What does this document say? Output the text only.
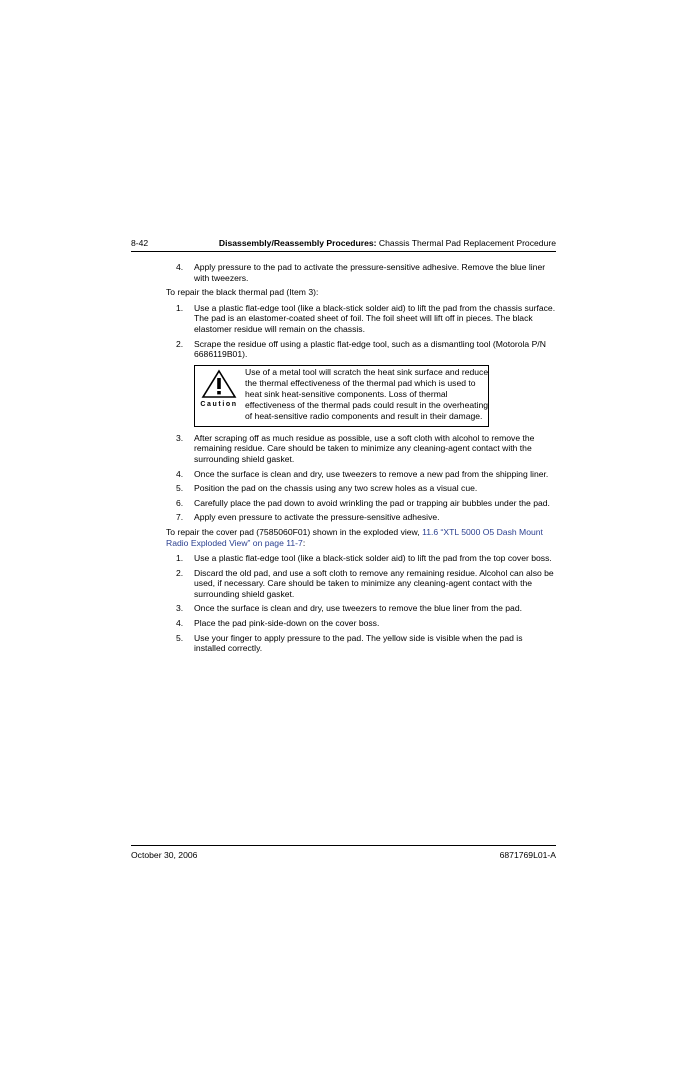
8-42	Disassembly/Reassembly Procedures: Chassis Thermal Pad Replacement Procedure
4. Apply pressure to the pad to activate the pressure-sensitive adhesive. Remove the blue liner with tweezers.

To repair the black thermal pad (Item 3):

1. Use a plastic flat-edge tool (like a black-stick solder aid) to lift the pad from the chassis surface. The pad is an elastomer-coated sheet of foil. The foil sheet will lift off in pieces. The black elastomer residue will remain on the chassis.
2. Scrape the residue off using a plastic flat-edge tool, such as a dismantling tool (Motorola P/N 6686119B01).
Caution
Use of a metal tool will scratch the heat sink surface and reduce the thermal effectiveness of the thermal pad which is used to heat sink heat-sensitive components. Loss of thermal effectiveness of the thermal pads could result in the overheating of heat-sensitive radio components and result in their damage.
3. After scraping off as much residue as possible, use a soft cloth with alcohol to remove the remaining residue. Care should be taken to minimize any cleaning-agent contact with the surrounding shield gasket.
4. Once the surface is clean and dry, use tweezers to remove a new pad from the shipping liner.
5. Position the pad on the chassis using any two screw holes as a visual cue.
6. Carefully place the pad down to avoid wrinkling the pad or trapping air bubbles under the pad.
7. Apply even pressure to activate the pressure-sensitive adhesive.

To repair the cover pad (7585060F01) shown in the exploded view, 11.6 “XTL 5000 O5 Dash Mount Radio Exploded View” on page 11-7:

1. Use a plastic flat-edge tool (like a black-stick solder aid) to lift the pad from the top cover boss.
2. Discard the old pad, and use a soft cloth to remove any remaining residue. Alcohol can also be used, if necessary. Care should be taken to minimize any cleaning-agent contact with the surrounding shield gasket.
3. Once the surface is clean and dry, use tweezers to remove the blue liner from the pad.
4. Place the pad pink-side-down on the cover boss.
5. Use your finger to apply pressure to the pad. The yellow side is visible when the pad is installed correctly.
October 30, 2006	6871769L01-A
